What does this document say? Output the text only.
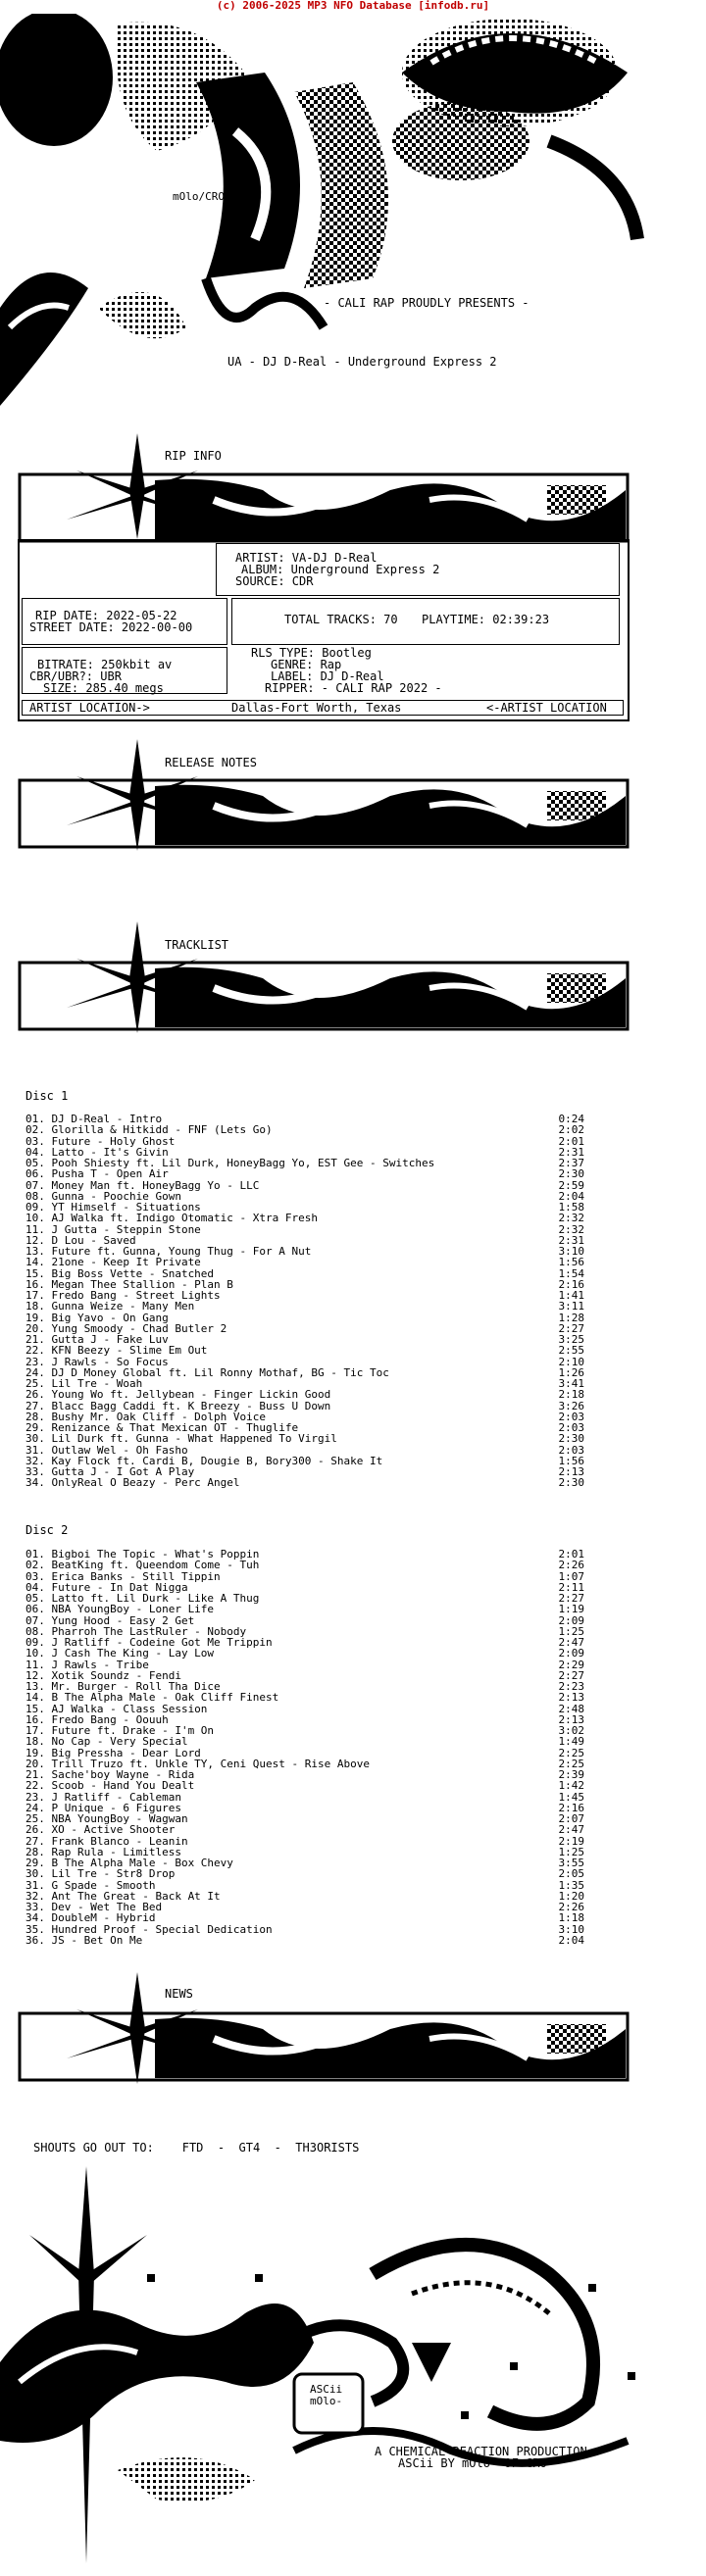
(c) 2006-2025 MP3 NFO Database [infodb.ru]
mOlo/CRO
- CALI RAP PROUDLY PRESENTS -
UA - DJ D-Real - Underground Express 2
RIP INFO
ARTIST: VA-DJ D-Real
ALBUM: Underground Express 2
SOURCE: CDR
RIP DATE: 2022-05-22
STREET DATE: 2022-00-00
TOTAL TRACKS: 70 PLAYTIME: 02:39:23
BITRATE: 250kbit av
CBR/UBR?: UBR
SIZE: 285.40 megs
RLS TYPE: Bootleg
GENRE: Rap
LABEL: DJ D-Real
RIPPER: - CALI RAP 2022 -
ARTIST LOCATION->	Dallas-Fort Worth, Texas	<-ARTIST LOCATION
RELEASE NOTES
TRACKLIST
Disc 1
01. DJ D-Real - Intro	0:24
02. Glorilla & Hitkidd - FNF (Lets Go)	2:02
03. Future - Holy Ghost	2:01
04. Latto - It's Givin	2:31
05. Pooh Shiesty ft. Lil Durk, HoneyBagg Yo, EST Gee - Switches	2:37
06. Pusha T - Open Air	2:30
07. Money Man ft. HoneyBagg Yo - LLC	2:59
08. Gunna - Poochie Gown	2:04
09. YT Himself - Situations	1:58
10. AJ Walka ft. Indigo Otomatic - Xtra Fresh	2:32
11. J Gutta - Steppin Stone	2:32
12. D Lou - Saved	2:31
13. Future ft. Gunna, Young Thug - For A Nut	3:10
14. 21one - Keep It Private	1:56
15. Big Boss Vette - Snatched	1:54
16. Megan Thee Stallion - Plan B	2:16
17. Fredo Bang - Street Lights	1:41
18. Gunna Weize - Many Men	3:11
19. Big Yavo - On Gang	1:28
20. Yung Smoody - Chad Butler 2	2:27
21. Gutta J - Fake Luv	3:25
22. KFN Beezy - Slime Em Out	2:55
23. J Rawls - So Focus	2:10
24. DJ D Money Global ft. Lil Ronny Mothaf, BG - Tic Toc	1:26
25. Lil Tre - Woah	3:41
26. Young Wo ft. Jellybean - Finger Lickin Good	2:18
27. Blacc Bagg Caddi ft. K Breezy - Buss U Down	3:26
28. Bushy Mr. Oak Cliff - Dolph Voice	2:03
29. Renizance & That Mexican OT - Thuglife	2:03
30. Lil Durk ft. Gunna - What Happened To Virgil	2:30
31. Outlaw Wel - Oh Fasho	2:03
32. Kay Flock ft. Cardi B, Dougie B, Bory300 - Shake It	1:56
33. Gutta J - I Got A Play	2:13
34. OnlyReal O Beazy - Perc Angel	2:30
Disc 2
01. Bigboi The Topic - What's Poppin	2:01
02. BeatKing ft. Queendom Come - Tuh	2:26
03. Erica Banks - Still Tippin	1:07
04. Future - In Dat Nigga	2:11
05. Latto ft. Lil Durk - Like A Thug	2:27
06. NBA YoungBoy - Loner Life	1:19
07. Yung Hood - Easy 2 Get	2:09
08. Pharroh The LastRuler - Nobody	1:25
09. J Ratliff - Codeine Got Me Trippin	2:47
10. J Cash The King - Lay Low	2:09
11. J Rawls - Tribe	2:29
12. Xotik Soundz - Fendi	2:27
13. Mr. Burger - Roll Tha Dice	2:23
14. B The Alpha Male - Oak Cliff Finest	2:13
15. AJ Walka - Class Session	2:48
16. Fredo Bang - Oouuh	2:13
17. Future ft. Drake - I'm On	3:02
18. No Cap - Very Special	1:49
19. Big Pressha - Dear Lord	2:25
20. Trill Truzo ft. Unkle TY, Ceni Quest - Rise Above	2:25
21. Sache'boy Wayne - Rida	2:39
22. Scoob - Hand You Dealt	1:42
23. J Ratliff - Cableman	1:45
24. P Unique - 6 Figures	2:16
25. NBA YoungBoy - Wagwan	2:07
26. XO - Active Shooter	2:47
27. Frank Blanco - Leanin	2:19
28. Rap Rula - Limitless	1:25
29. B The Alpha Male - Box Chevy	3:55
30. Lil Tre - Str8 Drop	2:05
31. G Spade - Smooth	1:35
32. Ant The Great - Back At It	1:20
33. Dev - Wet The Bed	2:26
34. DoubleM - Hybrid	1:18
35. Hundred Proof - Special Dedication	3:10
36. JS - Bet On Me	2:04
NEWS
SHOUTS GO OUT TO:    FTD  -  GT4  -  TH3ORISTS
ASCii
mOlo-
A CHEMICAL REACTION PRODUCTION
ASCii BY mOlo- OF CRO
